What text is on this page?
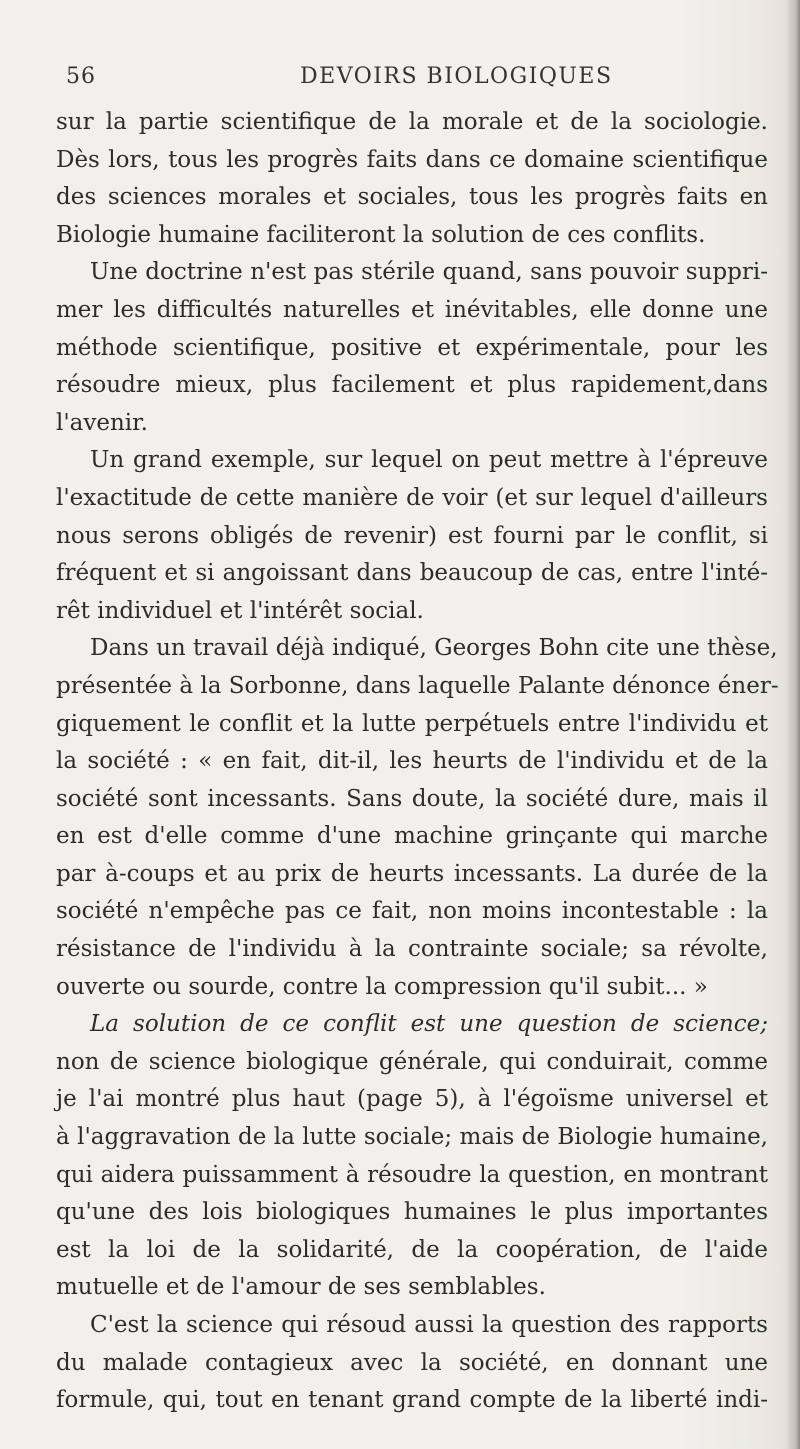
56	DEVOIRS BIOLOGIQUES
sur la partie scientifique de la morale et de la sociologie.
Dès lors, tous les progrès faits dans ce domaine scientifique
des sciences morales et sociales, tous les progrès faits en
Biologie humaine faciliteront la solution de ces conflits.
Une doctrine n'est pas stérile quand, sans pouvoir suppri-
mer les difficultés naturelles et inévitables, elle donne une
méthode scientifique, positive et expérimentale, pour les
résoudre mieux, plus facilement et plus rapidement,dans
l'avenir.
Un grand exemple, sur lequel on peut mettre à l'épreuve
l'exactitude de cette manière de voir (et sur lequel d'ailleurs
nous serons obligés de revenir) est fourni par le conflit, si
fréquent et si angoissant dans beaucoup de cas, entre l'inté-
rêt individuel et l'intérêt social.
Dans un travail déjà indiqué, Georges Bohn cite une thèse,
présentée à la Sorbonne, dans laquelle Palante dénonce éner-
giquement le conflit et la lutte perpétuels entre l'individu et
la société : « en fait, dit-il, les heurts de l'individu et de la
société sont incessants. Sans doute, la société dure, mais il
en est d'elle comme d'une machine grinçante qui marche
par à-coups et au prix de heurts incessants. La durée de la
société n'empêche pas ce fait, non moins incontestable : la
résistance de l'individu à la contrainte sociale; sa révolte,
ouverte ou sourde, contre la compression qu'il subit... »
La solution de ce conflit est une question de science;
non de science biologique générale, qui conduirait, comme
je l'ai montré plus haut (page 5), à l'égoïsme universel et
à l'aggravation de la lutte sociale; mais de Biologie humaine,
qui aidera puissamment à résoudre la question, en montrant
qu'une des lois biologiques humaines le plus importantes
est la loi de la solidarité, de la coopération, de l'aide
mutuelle et de l'amour de ses semblables.
C'est la science qui résoud aussi la question des rapports
du malade contagieux avec la société, en donnant une
formule, qui, tout en tenant grand compte de la liberté indi-
